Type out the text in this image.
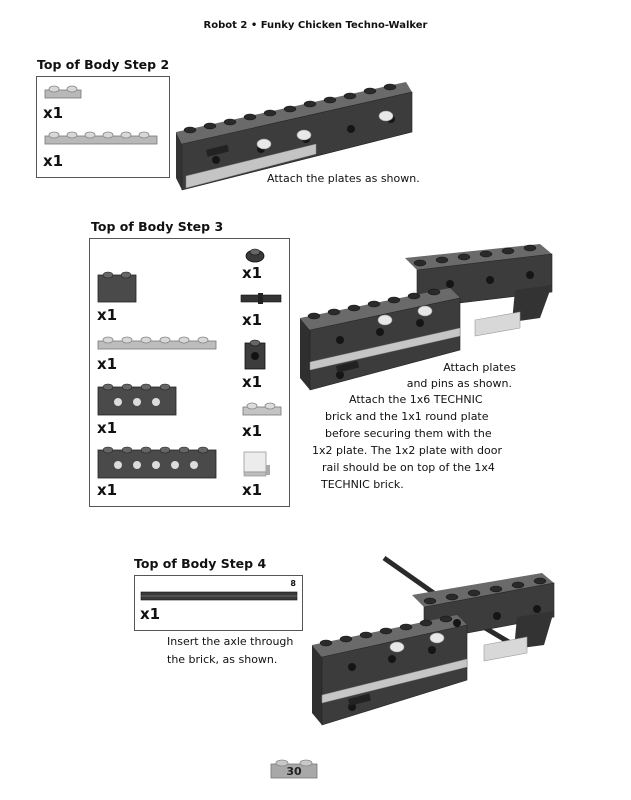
Robot 2 • Funky Chicken Techno-Walker
Top of Body Step 2
x1
x1
Attach the plates as shown.
Top of Body Step 3
x1
x1
x1
x1
x1
x1
x1
x1
x1
Attach plates
and pins as shown.
Attach the 1x6 TECHNIC
brick and the 1x1 round plate
before securing them with the
1x2 plate. The 1x2 plate with door
rail should be on top of the 1x4
TECHNIC brick.
Top of Body Step 4
8
x1
Insert the axle through
the brick, as shown.
30
